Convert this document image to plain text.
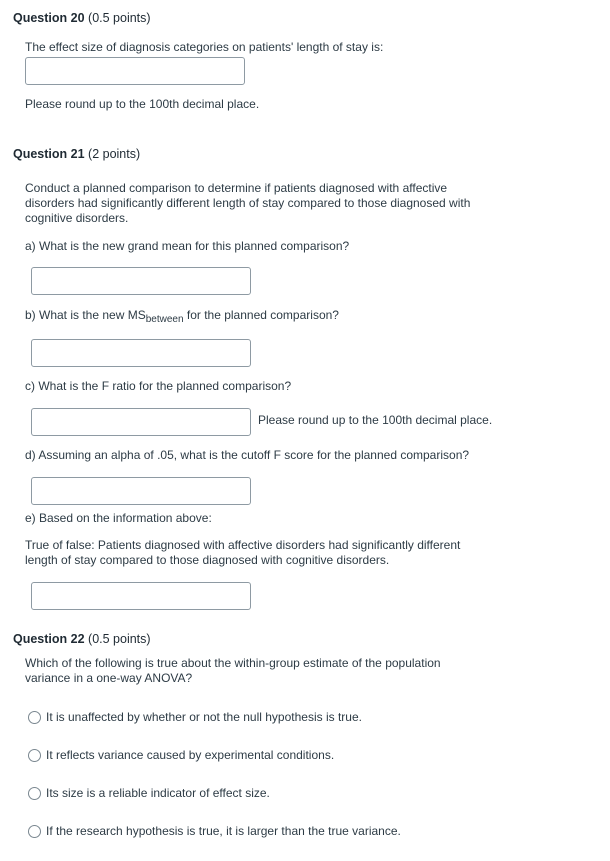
Question 20 (0.5 points)
The effect size of diagnosis categories on patients' length of stay is:
Please round up to the 100th decimal place.
Question 21 (2 points)
Conduct a planned comparison to determine if patients diagnosed with affective
disorders had significantly different length of stay compared to those diagnosed with
cognitive disorders.
a) What is the new grand mean for this planned comparison?
b) What is the new $MS_{between}$ for the planned comparison?
c) What is the F ratio for the planned comparison?
Please round up to the 100th decimal place.
d) Assuming an alpha of .05, what is the cutoff F score for the planned comparison?
e) Based on the information above:
True of false: Patients diagnosed with affective disorders had significantly different
length of stay compared to those diagnosed with cognitive disorders.
Question 22 (0.5 points)
Which of the following is true about the within-group estimate of the population
variance in a one-way ANOVA?
It is unaffected by whether or not the null hypothesis is true.
It reflects variance caused by experimental conditions.
Its size is a reliable indicator of effect size.
If the research hypothesis is true, it is larger than the true variance.
